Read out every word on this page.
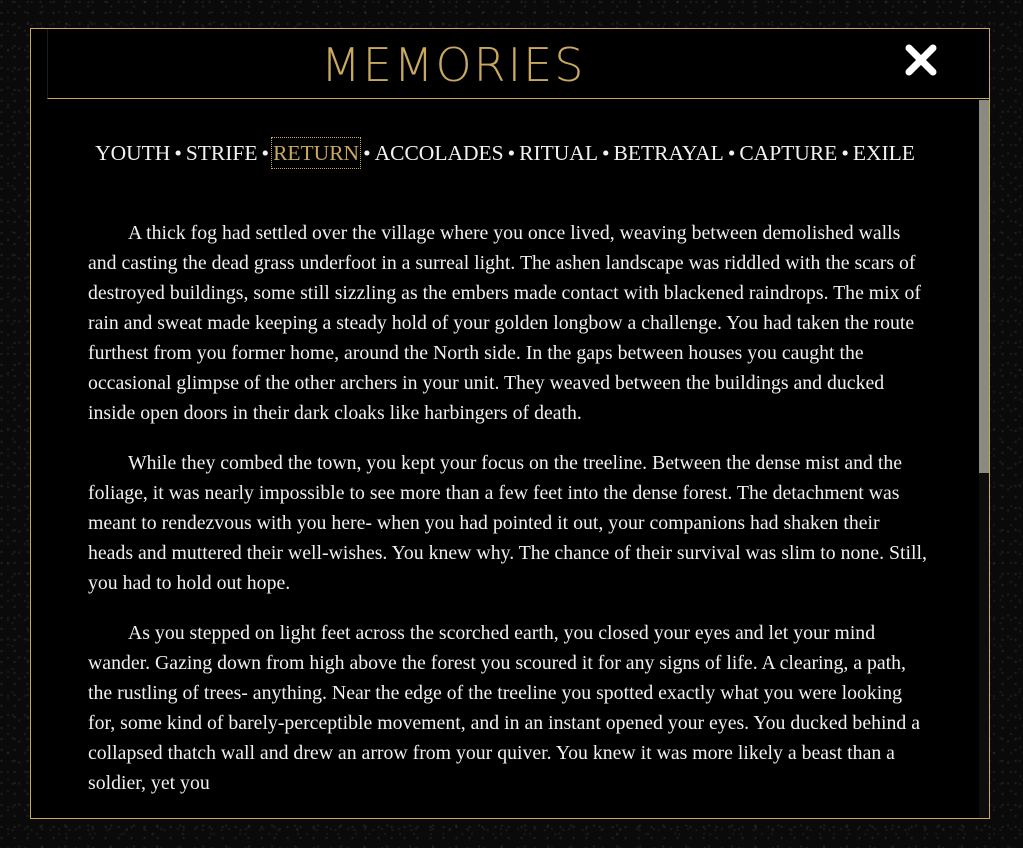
MEMORIES
YOUTH • STRIFE • RETURN • ACCOLADES • RITUAL • BETRAYAL • CAPTURE • EXILE

A thick fog had settled over the village where you once lived, weaving between demolished walls and casting the dead grass underfoot in a surreal light. The ashen landscape was riddled with the scars of destroyed buildings, some still sizzling as the embers made contact with blackened raindrops. The mix of rain and sweat made keeping a steady hold of your golden longbow a challenge. You had taken the route furthest from you former home, around the North side. In the gaps between houses you caught the occasional glimpse of the other archers in your unit. They weaved between the buildings and ducked inside open doors in their dark cloaks like harbingers of death.

While they combed the town, you kept your focus on the treeline. Between the dense mist and the foliage, it was nearly impossible to see more than a few feet into the dense forest. The detachment was meant to rendezvous with you here- when you had pointed it out, your companions had shaken their heads and muttered their well-wishes. You knew why. The chance of their survival was slim to none. Still, you had to hold out hope.

As you stepped on light feet across the scorched earth, you closed your eyes and let your mind wander. Gazing down from high above the forest you scoured it for any signs of life. A clearing, a path, the rustling of trees- anything. Near the edge of the treeline you spotted exactly what you were looking for, some kind of barely-perceptible movement, and in an instant opened your eyes. You ducked behind a collapsed thatch wall and drew an arrow from your quiver. You knew it was more likely a beast than a soldier, yet you
